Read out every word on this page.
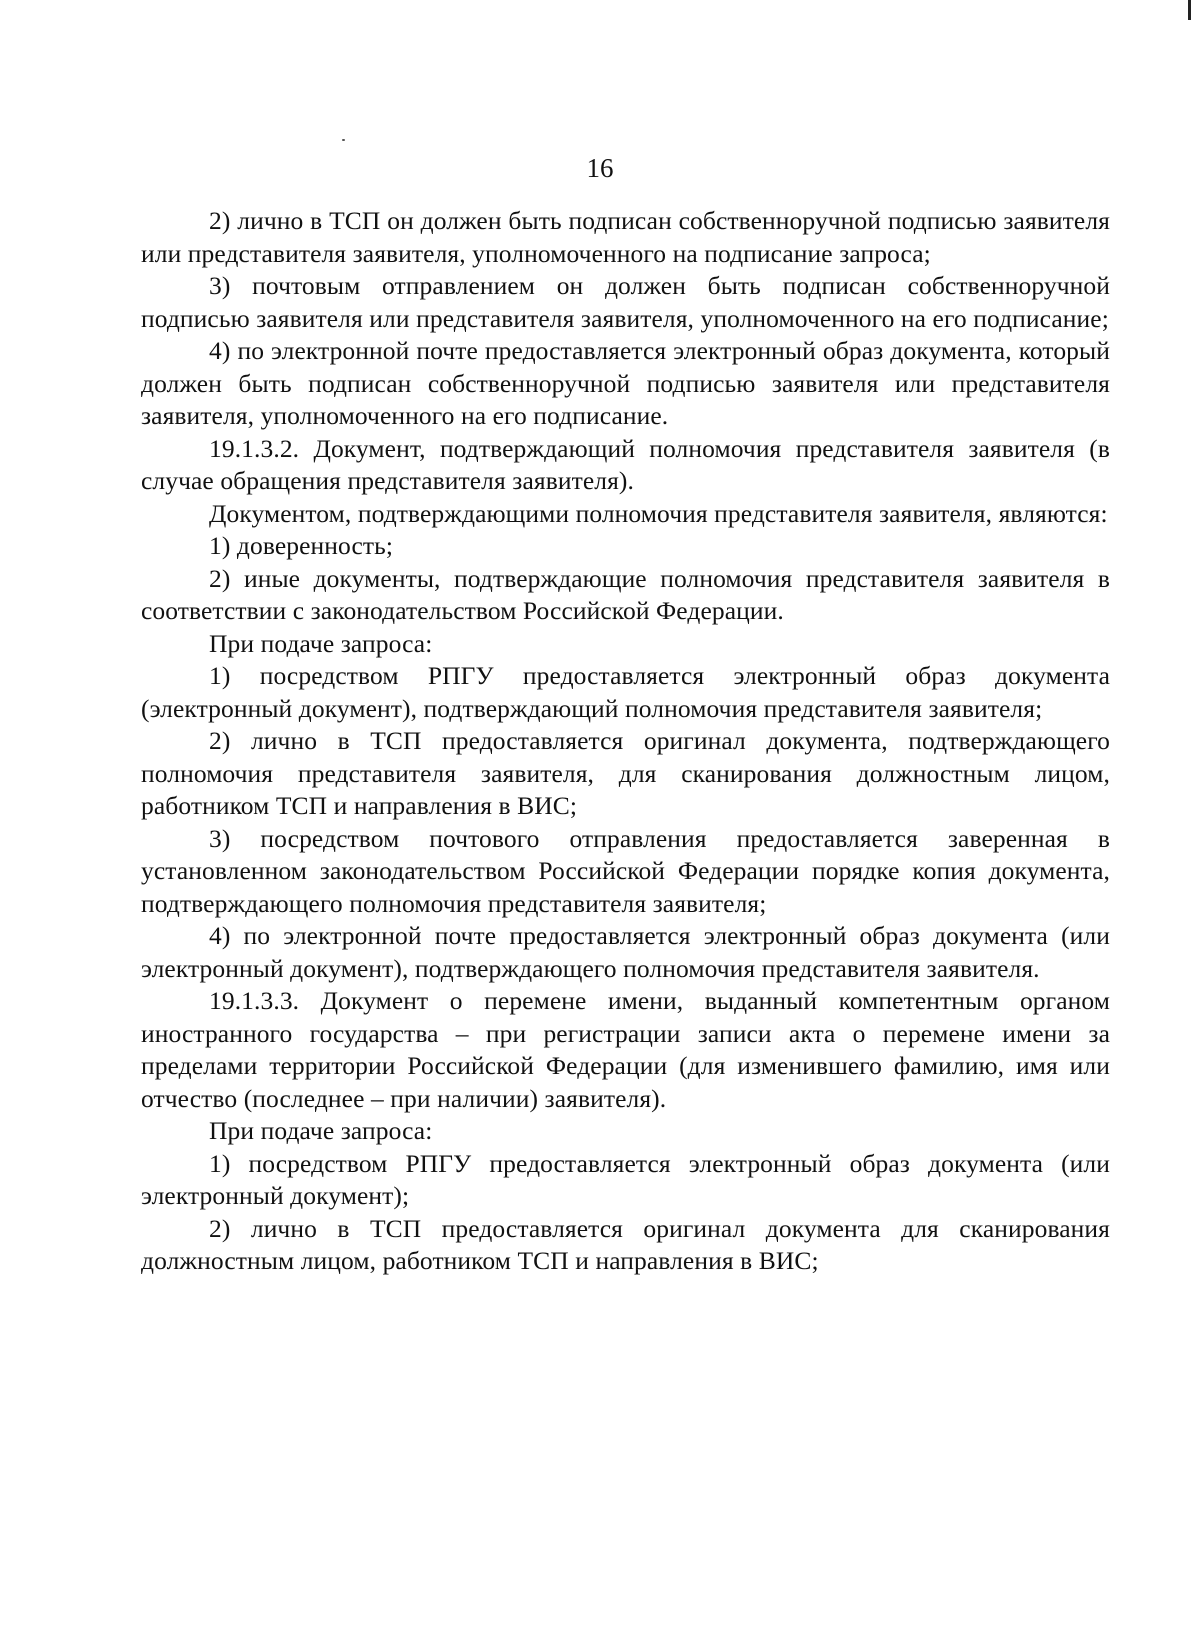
16

2) лично в ТСП он должен быть подписан собственноручной подписью заявителя или представителя заявителя, уполномоченного на подписание запроса;

3) почтовым отправлением он должен быть подписан собственноручной подписью заявителя или представителя заявителя, уполномоченного на его подписание;

4) по электронной почте предоставляется электронный образ документа, который должен быть подписан собственноручной подписью заявителя или представителя заявителя, уполномоченного на его подписание.

19.1.3.2. Документ, подтверждающий полномочия представителя заявителя (в случае обращения представителя заявителя).

Документом, подтверждающими полномочия представителя заявителя, являются:

1) доверенность;

2) иные документы, подтверждающие полномочия представителя заявителя в соответствии с законодательством Российской Федерации.

При подаче запроса:

1) посредством РПГУ предоставляется электронный образ документа (электронный документ), подтверждающий полномочия представителя заявителя;

2) лично в ТСП предоставляется оригинал документа, подтверждающего полномочия представителя заявителя, для сканирования должностным лицом, работником ТСП и направления в ВИС;

3) посредством почтового отправления предоставляется заверенная в установленном законодательством Российской Федерации порядке копия документа, подтверждающего полномочия представителя заявителя;

4) по электронной почте предоставляется электронный образ документа (или электронный документ), подтверждающего полномочия представителя заявителя.

19.1.3.3. Документ о перемене имени, выданный компетентным органом иностранного государства – при регистрации записи акта о перемене имени за пределами территории Российской Федерации (для изменившего фамилию, имя или отчество (последнее – при наличии) заявителя).

При подаче запроса:

1) посредством РПГУ предоставляется электронный образ документа (или электронный документ);

2) лично в ТСП предоставляется оригинал документа для сканирования должностным лицом, работником ТСП и направления в ВИС;
